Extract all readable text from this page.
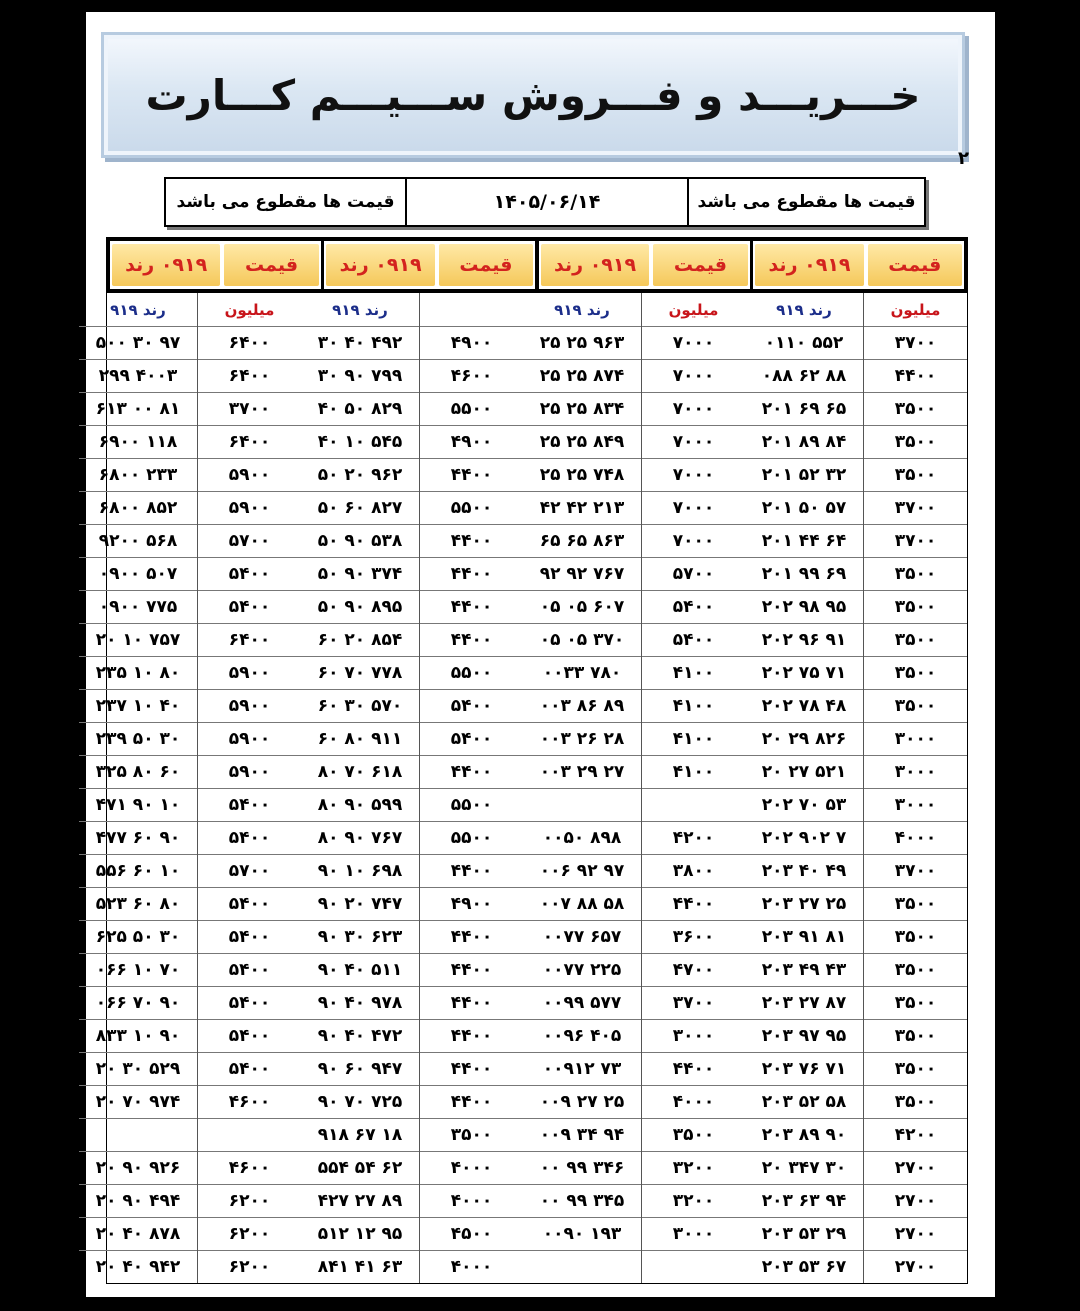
خـــریـــد و فـــروش ســـیـــم کـــارت
۲
قیمت ها مقطوع می باشد
۱۴۰۵/۰۶/۱۴
قیمت ها مقطوع می باشد
قیمت
۰۹۱۹ رند
قیمت
۰۹۱۹ رند
قیمت
۰۹۱۹ رند
قیمت
۰۹۱۹ رند
میلیون
۳۷۰۰
۴۴۰۰
۳۵۰۰
۳۵۰۰
۳۵۰۰
۳۷۰۰
۳۷۰۰
۳۵۰۰
۳۵۰۰
۳۵۰۰
۳۵۰۰
۳۵۰۰
۳۰۰۰
۳۰۰۰
۳۰۰۰
۴۰۰۰
۳۷۰۰
۳۵۰۰
۳۵۰۰
۳۵۰۰
۳۵۰۰
۳۵۰۰
۳۵۰۰
۳۵۰۰
۴۲۰۰
۲۷۰۰
۲۷۰۰
۲۷۰۰
۲۷۰۰
۹۱۹ رند
۰۱۱۰ ۵۵۲
۰۸۸ ۶۲ ۸۸
۲۰۱ ۶۹ ۶۵
۲۰۱ ۸۹ ۸۴
۲۰۱ ۵۲ ۳۲
۲۰۱ ۵۰ ۵۷
۲۰۱ ۴۴ ۶۴
۲۰۱ ۹۹ ۶۹
۲۰۲ ۹۸ ۹۵
۲۰۲ ۹۶ ۹۱
۲۰۲ ۷۵ ۷۱
۲۰۲ ۷۸ ۴۸
۲۰ ۲۹ ۸۲۶
۲۰ ۲۷ ۵۲۱
۲۰۲ ۷۰ ۵۳
۲۰۲ ۹۰۲ ۷
۲۰۳ ۴۰ ۴۹
۲۰۳ ۲۷ ۲۵
۲۰۳ ۹۱ ۸۱
۲۰۳ ۴۹ ۴۳
۲۰۳ ۲۷ ۸۷
۲۰۳ ۹۷ ۹۵
۲۰۳ ۷۶ ۷۱
۲۰۳ ۵۲ ۵۸
۲۰۳ ۸۹ ۹۰
۲۰ ۳۴۷ ۳۰
۲۰۳ ۶۳ ۹۴
۲۰۳ ۵۳ ۲۹
۲۰۳ ۵۳ ۶۷
میلیون
۷۰۰۰
۷۰۰۰
۷۰۰۰
۷۰۰۰
۷۰۰۰
۷۰۰۰
۷۰۰۰
۵۷۰۰
۵۴۰۰
۵۴۰۰
۴۱۰۰
۴۱۰۰
۴۱۰۰
۴۱۰۰
۴۲۰۰
۳۸۰۰
۴۴۰۰
۳۶۰۰
۴۷۰۰
۳۷۰۰
۳۰۰۰
۴۴۰۰
۴۰۰۰
۳۵۰۰
۳۲۰۰
۳۲۰۰
۳۰۰۰
۹۱۹ رند
۲۵ ۲۵ ۹۶۳
۲۵ ۲۵ ۸۷۴
۲۵ ۲۵ ۸۳۴
۲۵ ۲۵ ۸۴۹
۲۵ ۲۵ ۷۴۸
۴۲ ۴۲ ۲۱۳
۶۵ ۶۵ ۸۶۳
۹۲ ۹۲ ۷۶۷
۰۵ ۰۵ ۶۰۷
۰۵ ۰۵ ۳۷۰
۰۰۳۳ ۷۸۰
۰۰۳ ۸۶ ۸۹
۰۰۳ ۲۶ ۲۸
۰۰۳ ۲۹ ۲۷
۰۰۵۰ ۸۹۸
۰۰۶ ۹۲ ۹۷
۰۰۷ ۸۸ ۵۸
۰۰۷۷ ۶۵۷
۰۰۷۷ ۲۲۵
۰۰۹۹ ۵۷۷
۰۰۹۶ ۴۰۵
۰۰۹۱۲ ۷۳
۰۰۹ ۲۷ ۲۵
۰۰۹ ۳۴ ۹۴
۰۰ ۹۹ ۳۴۶
۰۰ ۹۹ ۳۴۵
۰۰۹۰ ۱۹۳
۴۹۰۰
۴۶۰۰
۵۵۰۰
۴۹۰۰
۴۴۰۰
۵۵۰۰
۴۴۰۰
۴۴۰۰
۴۴۰۰
۴۴۰۰
۵۵۰۰
۵۴۰۰
۵۴۰۰
۴۴۰۰
۵۵۰۰
۵۵۰۰
۴۴۰۰
۴۹۰۰
۴۴۰۰
۴۴۰۰
۴۴۰۰
۴۴۰۰
۴۴۰۰
۴۴۰۰
۳۵۰۰
۴۰۰۰
۴۰۰۰
۴۵۰۰
۴۰۰۰
۹۱۹ رند
۳۰ ۴۰ ۴۹۲
۳۰ ۹۰ ۷۹۹
۴۰ ۵۰ ۸۲۹
۴۰ ۱۰ ۵۴۵
۵۰ ۲۰ ۹۶۲
۵۰ ۶۰ ۸۲۷
۵۰ ۹۰ ۵۳۸
۵۰ ۹۰ ۳۷۴
۵۰ ۹۰ ۸۹۵
۶۰ ۲۰ ۸۵۴
۶۰ ۷۰ ۷۷۸
۶۰ ۳۰ ۵۷۰
۶۰ ۸۰ ۹۱۱
۸۰ ۷۰ ۶۱۸
۸۰ ۹۰ ۵۹۹
۸۰ ۹۰ ۷۶۷
۹۰ ۱۰ ۶۹۸
۹۰ ۲۰ ۷۴۷
۹۰ ۳۰ ۶۲۳
۹۰ ۴۰ ۵۱۱
۹۰ ۴۰ ۹۷۸
۹۰ ۴۰ ۴۷۲
۹۰ ۶۰ ۹۴۷
۹۰ ۷۰ ۷۲۵
۹۱۸ ۶۷ ۱۸
۵۵۴ ۵۴ ۶۲
۴۲۷ ۲۷ ۸۹
۵۱۲ ۱۲ ۹۵
۸۴۱ ۴۱ ۶۳
میلیون
۶۴۰۰
۶۴۰۰
۳۷۰۰
۶۴۰۰
۵۹۰۰
۵۹۰۰
۵۷۰۰
۵۴۰۰
۵۴۰۰
۶۴۰۰
۵۹۰۰
۵۹۰۰
۵۹۰۰
۵۹۰۰
۵۴۰۰
۵۴۰۰
۵۷۰۰
۵۴۰۰
۵۴۰۰
۵۴۰۰
۵۴۰۰
۵۴۰۰
۵۴۰۰
۴۶۰۰
۴۶۰۰
۶۲۰۰
۶۲۰۰
۶۲۰۰
۹۱۹ رند
۵۰۰ ۳۰ ۹۷
۲۹۹ ۴۰۰۳
۶۱۳ ۰۰ ۸۱
۶۹۰۰ ۱۱۸
۶۸۰۰ ۲۳۳
۶۸۰۰ ۸۵۲
۹۲۰۰ ۵۶۸
۰۹۰۰ ۵۰۷
۰۹۰۰ ۷۷۵
۲۰ ۱۰ ۷۵۷
۲۳۵ ۱۰ ۸۰
۲۳۷ ۱۰ ۴۰
۲۳۹ ۵۰ ۳۰
۳۲۵ ۸۰ ۶۰
۴۷۱ ۹۰ ۱۰
۴۷۷ ۶۰ ۹۰
۵۵۶ ۶۰ ۱۰
۵۲۳ ۶۰ ۸۰
۶۲۵ ۵۰ ۳۰
۰۶۶ ۱۰ ۷۰
۰۶۶ ۷۰ ۹۰
۸۳۳ ۱۰ ۹۰
۲۰ ۳۰ ۵۲۹
۲۰ ۷۰ ۹۷۴
۲۰ ۹۰ ۹۲۶
۲۰ ۹۰ ۴۹۴
۲۰ ۴۰ ۸۷۸
۲۰ ۴۰ ۹۴۲
